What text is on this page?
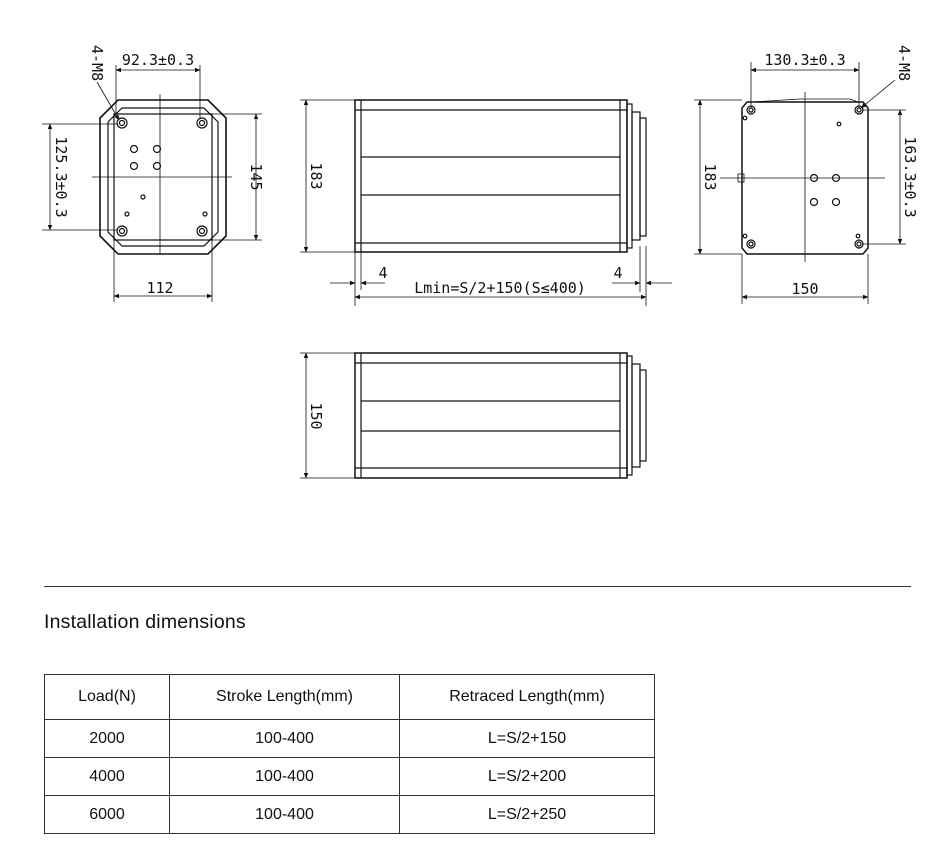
4-M8 92.3±0.3
125.3±0.3	145
112
183
4	4
Lmin=S/2+150(S≤400)
4-M8
130.3±0.3
183	163.3±0.3
150
150
Installation dimensions
Load(N)	Stroke Length(mm)	Retraced Length(mm)
2000	100-400	L=S/2+150
4000	100-400	L=S/2+200
6000	100-400	L=S/2+250
